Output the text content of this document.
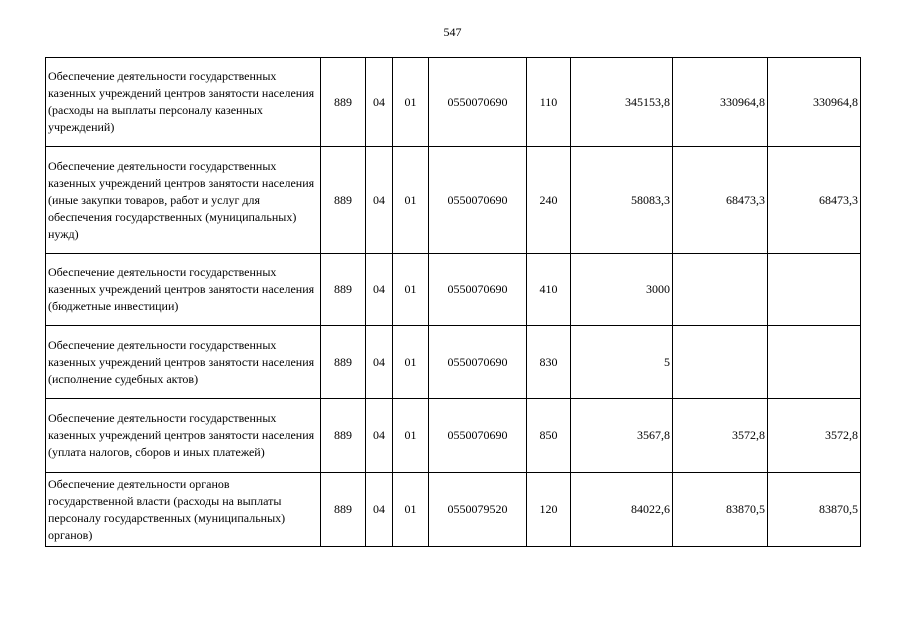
547
Обеспечение деятельности государственных казенных учреждений центров занятости населения (расходы на выплаты персоналу казенных учреждений)	889	04	01	0550070690	110	345153,8	330964,8	330964,8
Обеспечение деятельности государственных казенных учреждений центров занятости населения (иные закупки товаров, работ и услуг для обеспечения государственных (муниципальных) нужд)	889	04	01	0550070690	240	58083,3	68473,3	68473,3
Обеспечение деятельности государственных казенных учреждений центров занятости населения (бюджетные инвестиции)	889	04	01	0550070690	410	3000		
Обеспечение деятельности государственных казенных учреждений центров занятости населения (исполнение судебных актов)	889	04	01	0550070690	830	5		
Обеспечение деятельности государственных казенных учреждений центров занятости населения (уплата налогов, сборов и иных платежей)	889	04	01	0550070690	850	3567,8	3572,8	3572,8
Обеспечение деятельности органов государственной власти (расходы на выплаты персоналу государственных (муниципальных) органов)	889	04	01	0550079520	120	84022,6	83870,5	83870,5
